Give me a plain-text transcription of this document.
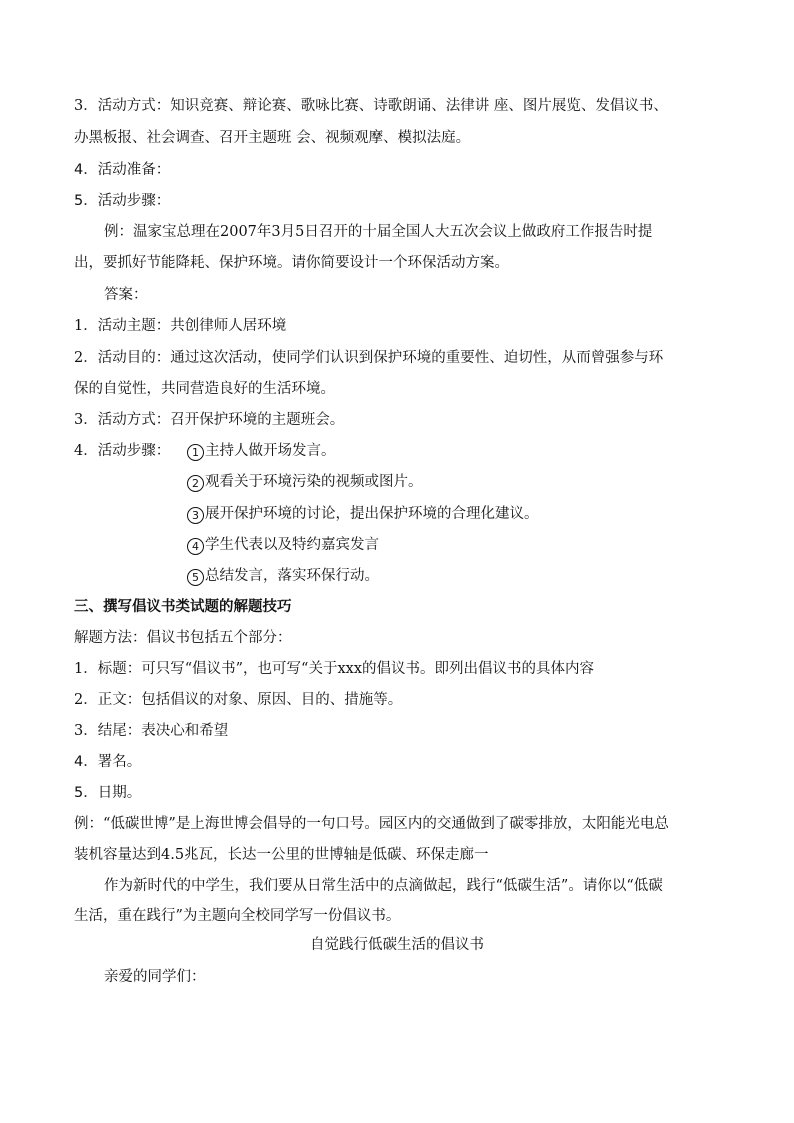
3．活动方式：知识竞赛、辩论赛、歌咏比赛、诗歌朗诵、法律讲 座、图片展览、发倡议书、
办黑板报、社会调查、召开主题班 会、视频观摩、模拟法庭。
4．活动准备：
5．活动步骤：
例：温家宝总理在2007年3月5日召开的十届全国人大五次会议上做政府工作报告时提
出，要抓好节能降耗、保护环境。请你简要设计一个环保活动方案。
答案：
1．活动主题：共创律师人居环境
2．活动目的：通过这次活动，使同学们认识到保护环境的重要性、迫切性，从而曾强参与环
保的自觉性，共同营造良好的生活环境。
3．活动方式：召开保护环境的主题班会。
4．活动步骤：	1 主持人做开场发言。
2 观看关于环境污染的视频或图片。
3 展开保护环境的讨论，提出保护环境的合理化建议。
4 学生代表以及特约嘉宾发言
5 总结发言，落实环保行动。
三、撰写倡议书类试题的解题技巧
解题方法：倡议书包括五个部分：
1．标题：可只写“倡议书”，也可写“关于xxx的倡议书。即列出倡议书的具体内容
2．正文：包括倡议的对象、原因、目的、措施等。
3．结尾：表决心和希望
4．署名。
5．日期。
例：“低碳世博”是上海世博会倡导的一句口号。园区内的交通做到了碳零排放，太阳能光电总
装机容量达到4.5兆瓦，长达一公里的世博轴是低碳、环保走廊一
作为新时代的中学生，我们要从日常生活中的点滴做起，践行“低碳生活”。请你以“低碳
生活，重在践行”为主题向全校同学写一份倡议书。
自觉践行低碳生活的倡议书
亲爱的同学们：
